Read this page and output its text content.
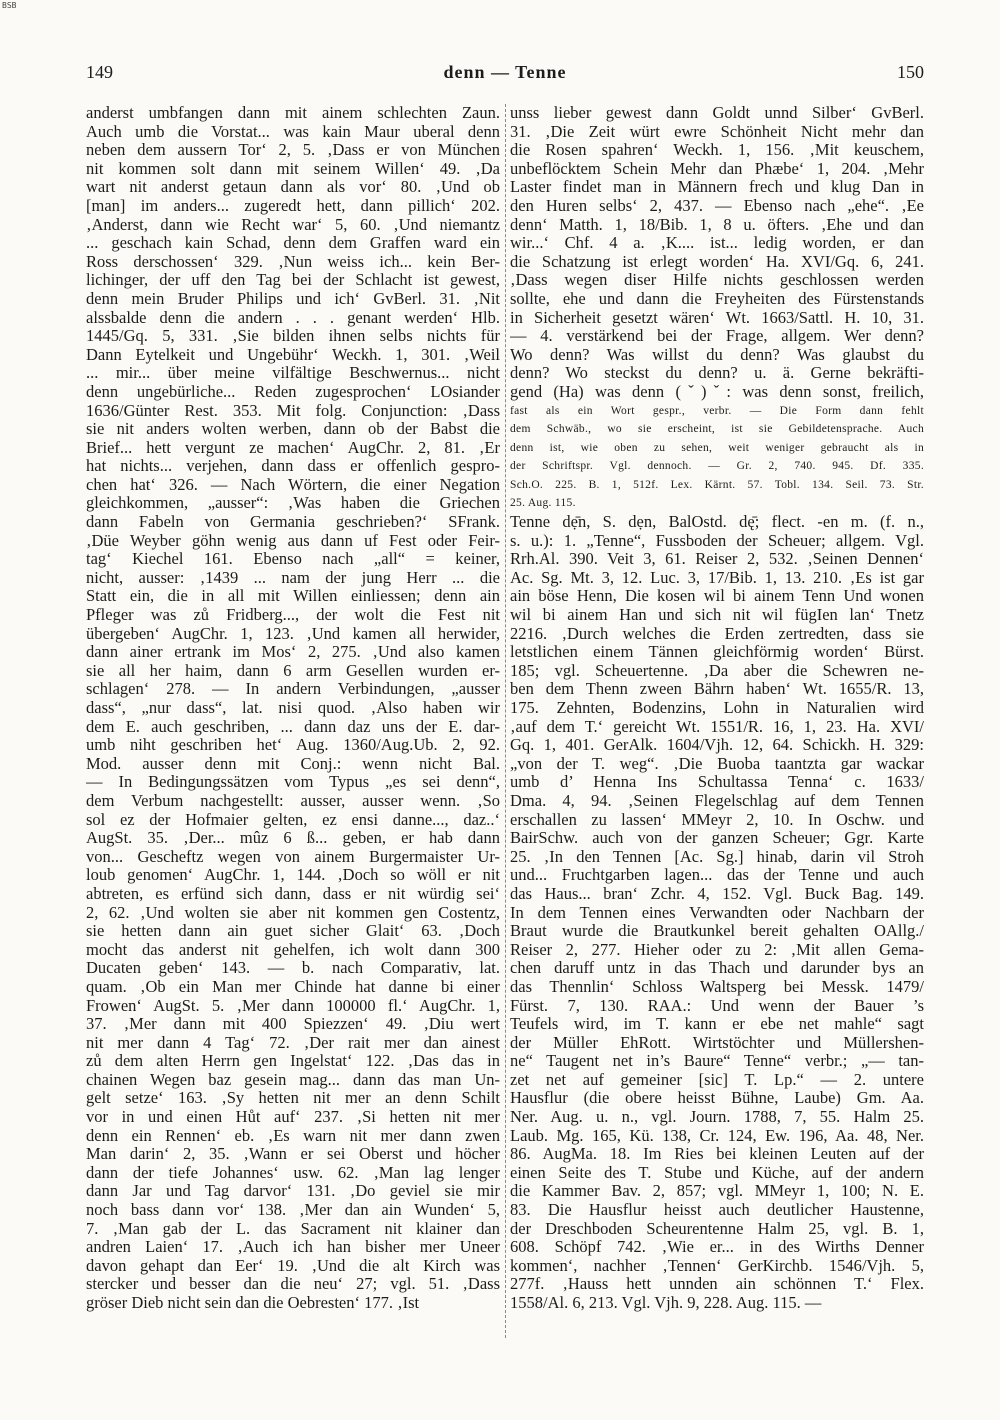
BSB
149	denn — Tenne	150
anderst umbfangen dann mit ainem schlechten Zaun.
Auch umb die Vorstat... was kain Maur uberal denn
neben dem aussern Tor‘ 2, 5. ‚Dass er von München
nit kommen solt dann mit seinem Willen‘ 49. ‚Da
wart nit anderst getaun dann als vor‘ 80. ‚Und ob
[man] im anders... zugeredt hett, dann pillich‘ 202.
‚Anderst, dann wie Recht war‘ 5, 60. ‚Und niemantz
... geschach kain Schad, denn dem Graffen ward ein
Ross derschossen‘ 329. ‚Nun weiss ich... kein Ber-
lichinger, der uff den Tag bei der Schlacht ist gewest,
denn mein Bruder Philips und ich‘ GvBerl. 31. ‚Nit
alssbalde denn die andern . . . genant werden‘ Hlb.
1445/Gq. 5, 331. ‚Sie bilden ihnen selbs nichts für
Dann Eytelkeit und Ungebühr‘ Weckh. 1, 301. ‚Weil
... mir... über meine vilfältige Beschwernus... nicht
denn ungebürliche... Reden zugesprochen‘ LOsiander
1636/Günter Rest. 353. Mit folg. Conjunction: ‚Dass
sie nit anders wolten werben, dann ob der Babst die
Brief... hett vergunt ze machen‘ AugChr. 2, 81. ‚Er
hat nichts... verjehen, dann dass er offenlich gespro-
chen hat‘ 326. — Nach Wörtern, die einer Negation
gleichkommen, „ausser“: ‚Was haben die Griechen
dann Fabeln von Germania geschrieben?‘ SFrank.
‚Düe Weyber göhn wenig aus dann uf Fest oder Feir-
tag‘ Kiechel 161. Ebenso nach „all“ = keiner,
nicht, ausser: ‚1439 ... nam der jung Herr ... die
Statt ein, die in all mit Willen einliessen; denn ain
Pfleger was zů Fridberg..., der wolt die Fest nit
übergeben‘ AugChr. 1, 123. ‚Und kamen all herwider,
dann ainer ertrank im Mos‘ 2, 275. ‚Und also kamen
sie all her haim, dann 6 arm Gesellen wurden er-
schlagen‘ 278. — In andern Verbindungen, „ausser
dass“, „nur dass“, lat. nisi quod. ‚Also haben wir
dem E. auch geschriben, ... dann daz uns der E. dar-
umb niht geschriben het‘ Aug. 1360/Aug.Ub. 2, 92.
Mod. ausser denn mit Conj.: wenn nicht Bal.
— In Bedingungssätzen vom Typus „es sei denn“,
dem Verbum nachgestellt: ausser, ausser wenn. ‚So
sol ez der Hofmaier gelten, ez ensi danne..., daz..‘
AugSt. 35. ‚Der... mûz 6 ß... geben, er hab dann
von... Gescheftz wegen von ainem Burgermaister Ur-
loub genomen‘ AugChr. 1, 144. ‚Doch so wöll er nit
abtreten, es erfünd sich dann, dass er nit würdig sei‘
2, 62. ‚Und wolten sie aber nit kommen gen Costentz,
sie hetten dann ain guet sicher Glait‘ 63. ‚Doch
mocht das anderst nit gehelfen, ich wolt dann 300
Ducaten geben‘ 143. — b. nach Comparativ, lat.
quam. ‚Ob ein Man mer Chinde hat danne bi einer
Frowen‘ AugSt. 5. ‚Mer dann 100000 fl.‘ AugChr. 1,
37. ‚Mer dann mit 400 Spiezzen‘ 49. ‚Diu wert
nit mer dann 4 Tag‘ 72. ‚Der rait mer dan ainest
zů dem alten Herrn gen Ingelstat‘ 122. ‚Das das in
chainen Wegen baz gesein mag... dann das man Un-
gelt setze‘ 163. ‚Sy hetten nit mer an denn Schilt
vor in und einen Hůt auf‘ 237. ‚Si hetten nit mer
denn ein Rennen‘ eb. ‚Es warn nit mer dann zwen
Man darin‘ 2, 35. ‚Wann er sei Oberst und höcher
dann der tiefe Johannes‘ usw. 62. ‚Man lag lenger
dann Jar und Tag darvor‘ 131. ‚Do geviel sie mir
noch bass dann vor‘ 138. ‚Mer dan ain Wunden‘ 5,
7. ‚Man gab der L. das Sacrament nit klainer dan
andren Laien‘ 17. ‚Auch ich han bisher mer Uneer
davon gehapt dan Eer‘ 19. ‚Und die alt Kirch was
stercker und besser dan die neu‘ 27; vgl. 51. ‚Dass
gröser Dieb nicht sein dan die Oebresten‘ 177. ‚Ist
unss lieber gewest dann Goldt unnd Silber‘ GvBerl.
31. ‚Die Zeit würt ewre Schönheit Nicht mehr dan
die Rosen spahren‘ Weckh. 1, 156. ‚Mit keuschem,
unbeflöcktem Schein Mehr dan Phæbe‘ 1, 204. ‚Mehr
Laster findet man in Männern frech und klug Dan in
den Huren selbs‘ 2, 437. — Ebenso nach „ehe“. ‚Ee
denn‘ Matth. 1, 18/Bib. 1, 8 u. öfters. ‚Ehe und dan
wir...‘ Chf. 4 a. ‚K.... ist... ledig worden, er dan
die Schatzung ist erlegt worden‘ Ha. XVI/Gq. 6, 241.
‚Dass wegen diser Hilfe nichts geschlossen werden
sollte, ehe und dann die Freyheiten des Fürstenstands
in Sicherheit gesetzt wären‘ Wt. 1663/Sattl. H. 10, 31.
— 4. verstärkend bei der Frage, allgem. Wer denn?
Wo denn? Was willst du denn? Was glaubst du
denn? Wo steckst du denn? u. ä. Gerne bekräfti-
gend (Ha) was denn (ˇ)ˇ: was denn sonst, freilich,
fast als ein Wort gespr., verbr. — Die Form dann fehlt
dem Schwäb., wo sie erscheint, ist sie Gebildetensprache. Auch
denn ist, wie oben zu sehen, weit weniger gebraucht als in
der Schriftspr. Vgl. dennoch. — Gr. 2, 740. 945. Df. 335.
Sch.O. 225. B. 1, 512f. Lex. Kärnt. 57. Tobl. 134. Seil. 73. Str.
25. Aug. 115.
Tenne dẹ̄n, S. dẹn, BalOstd. dę̄; flect. -en m. (f. n.,
s. u.): 1. „Tenne“, Fussboden der Scheuer; allgem. Vgl.
Rrh.Al. 390. Veit 3, 61. Reiser 2, 532. ‚Seinen Dennen‘
Ac. Sg. Mt. 3, 12. Luc. 3, 17/Bib. 1, 13. 210. ‚Es ist gar
ain böse Henn, Die kosen wil bi ainem Tenn Und wonen
wil bi ainem Han und sich nit wil fügIen lan‘ Tnetz
2216. ‚Durch welches die Erden zertredten, dass sie
letstlichen einem Tännen gleichförmig worden‘ Bürst.
185; vgl. Scheuertenne. ‚Da aber die Schewren ne-
ben dem Thenn zween Bährn haben‘ Wt. 1655/R. 13,
175. Zehnten, Bodenzins, Lohn in Naturalien wird
‚auf dem T.‘ gereicht Wt. 1551/R. 16, 1, 23. Ha. XVI/
Gq. 1, 401. GerAlk. 1604/Vjh. 12, 64. Schickh. H. 329:
„von der T. weg“. ‚Die Buoba taantzta gar wackar
umb d’ Henna Ins Schultassa Tenna‘ c. 1633/
Dma. 4, 94. ‚Seinen Flegelschlag auf dem Tennen
erschallen zu lassen‘ MMeyr 2, 10. In Oschw. und
BairSchw. auch von der ganzen Scheuer; Ggr. Karte
25. ‚In den Tennen [Ac. Sg.] hinab, darin vil Stroh
und... Fruchtgarben lagen... das der Tenne und auch
das Haus... bran‘ Zchr. 4, 152. Vgl. Buck Bag. 149.
In dem Tennen eines Verwandten oder Nachbarn der
Braut wurde die Brautkunkel bereit gehalten OAllg./
Reiser 2, 277. Hieher oder zu 2: ‚Mit allen Gema-
chen daruff untz in das Thach und darunder bys an
das Thennlin‘ Schloss Waltsperg bei Messk. 1479/
Fürst. 7, 130. RAA.: Und wenn der Bauer ’s
Teufels wird, im T. kann er ebe net mahle“ sagt
der Müller EhRott. Wirtstöchter und Müllershen-
ne“ Taugent net in’s Baure“ Tenne“ verbr.; „— tan-
zet net auf gemeiner [sic] T. Lp.“ — 2. untere
Hausflur (die obere heisst Bühne, Laube) Gm. Aa.
Ner. Aug. u. n., vgl. Journ. 1788, 7, 55. Halm 25.
Laub. Mg. 165, Kü. 138, Cr. 124, Ew. 196, Aa. 48, Ner.
86. AugMa. 18. Im Ries bei kleinen Leuten auf der
einen Seite des T. Stube und Küche, auf der andern
die Kammer Bav. 2, 857; vgl. MMeyr 1, 100; N. E.
83. Die Hausflur heisst auch deutlicher Haustenne,
der Dreschboden Scheurentenne Halm 25, vgl. B. 1,
608. Schöpf 742. ‚Wie er... in des Wirths Denner
kommen‘, nachher ‚Tennen‘ GerKirchb. 1546/Vjh. 5,
277f. ‚Hauss hett unnden ain schönnen T.‘ Flex.
1558/Al. 6, 213. Vgl. Vjh. 9, 228. Aug. 115. —
